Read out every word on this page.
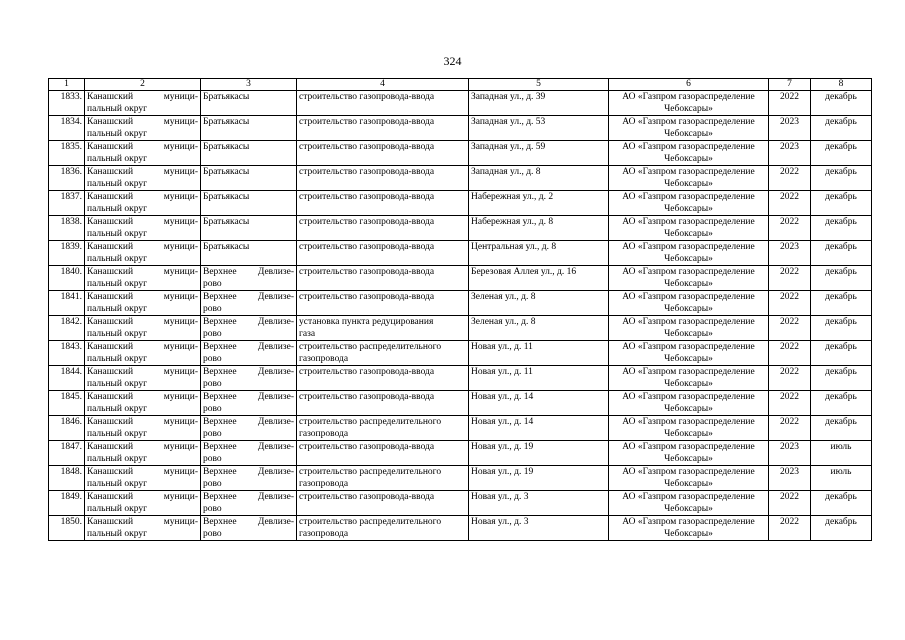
324
1	2	3	4	5	6	7	8
1833.	Канашский муници-
пальный округ	Братьякасы	строительство газопровода-ввода	Западная ул., д. 39	АО «Газпром газораспределение
Чебоксары»	2022	декабрь
1834.	Канашский муници-
пальный округ	Братьякасы	строительство газопровода-ввода	Западная ул., д. 53	АО «Газпром газораспределение
Чебоксары»	2023	декабрь
1835.	Канашский муници-
пальный округ	Братьякасы	строительство газопровода-ввода	Западная ул., д. 59	АО «Газпром газораспределение
Чебоксары»	2023	декабрь
1836.	Канашский муници-
пальный округ	Братьякасы	строительство газопровода-ввода	Западная ул., д. 8	АО «Газпром газораспределение
Чебоксары»	2022	декабрь
1837.	Канашский муници-
пальный округ	Братьякасы	строительство газопровода-ввода	Набережная ул., д. 2	АО «Газпром газораспределение
Чебоксары»	2022	декабрь
1838.	Канашский муници-
пальный округ	Братьякасы	строительство газопровода-ввода	Набережная ул., д. 8	АО «Газпром газораспределение
Чебоксары»	2022	декабрь
1839.	Канашский муници-
пальный округ	Братьякасы	строительство газопровода-ввода	Центральная ул., д. 8	АО «Газпром газораспределение
Чебоксары»	2023	декабрь
1840.	Канашский муници-
пальный округ	Верхнее Девлизе-
рово	строительство газопровода-ввода	Березовая Аллея ул., д. 16	АО «Газпром газораспределение
Чебоксары»	2022	декабрь
1841.	Канашский муници-
пальный округ	Верхнее Девлизе-
рово	строительство газопровода-ввода	Зеленая ул., д. 8	АО «Газпром газораспределение
Чебоксары»	2022	декабрь
1842.	Канашский муници-
пальный округ	Верхнее Девлизе-
рово	установка пункта редуцирования
газа	Зеленая ул., д. 8	АО «Газпром газораспределение
Чебоксары»	2022	декабрь
1843.	Канашский муници-
пальный округ	Верхнее Девлизе-
рово	строительство распределительного
газопровода	Новая ул., д. 11	АО «Газпром газораспределение
Чебоксары»	2022	декабрь
1844.	Канашский муници-
пальный округ	Верхнее Девлизе-
рово	строительство газопровода-ввода	Новая ул., д. 11	АО «Газпром газораспределение
Чебоксары»	2022	декабрь
1845.	Канашский муници-
пальный округ	Верхнее Девлизе-
рово	строительство газопровода-ввода	Новая ул., д. 14	АО «Газпром газораспределение
Чебоксары»	2022	декабрь
1846.	Канашский муници-
пальный округ	Верхнее Девлизе-
рово	строительство распределительного
газопровода	Новая ул., д. 14	АО «Газпром газораспределение
Чебоксары»	2022	декабрь
1847.	Канашский муници-
пальный округ	Верхнее Девлизе-
рово	строительство газопровода-ввода	Новая ул., д. 19	АО «Газпром газораспределение
Чебоксары»	2023	июль
1848.	Канашский муници-
пальный округ	Верхнее Девлизе-
рово	строительство распределительного
газопровода	Новая ул., д. 19	АО «Газпром газораспределение
Чебоксары»	2023	июль
1849.	Канашский муници-
пальный округ	Верхнее Девлизе-
рово	строительство газопровода-ввода	Новая ул., д. 3	АО «Газпром газораспределение
Чебоксары»	2022	декабрь
1850.	Канашский муници-
пальный округ	Верхнее Девлизе-
рово	строительство распределительного
газопровода	Новая ул., д. 3	АО «Газпром газораспределение
Чебоксары»	2022	декабрь
